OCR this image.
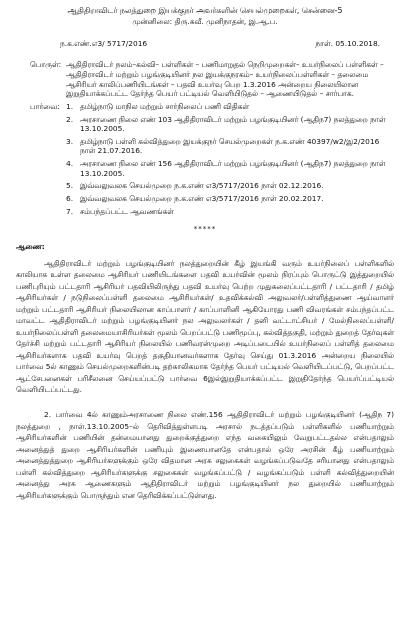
ஆதிதிராவிடர் நலத்துறை இயக்குநர் அவர்களின் செயல்முறைகள், சென்னை-5

முன்னிலை: திரு.கவீ. முனிநாதன், இ.ஆ.ப.

ந.க.எண்.எ3/ 5717/2016	நாள். 05.10.2018.
பொருள்: ஆதிதிராவிடர் நலம்–கல்வி– பள்ளிகள் – பணிமாறுதல் நெறிமுறைகள்– உயர்நிலைப் பள்ளிகள் – ஆதிதிராவிடர் மற்றும் பழங்குடியினர் நல இயக்குநரகம்– உயர்நிலைப்பள்ளிகள் – தலைமை ஆசிரியர் காலிப்பணியிடங்கள் – பதவி உயர்வு பெற 1.3.2016 அன்றைய நிலையிலான இறுதியாக்கப்பட்ட தேர்ந்த பெயர் பட்டியல் வெளியிடுதல் – ஆணையிடுதல் – சார்பாக.
பார்வை: 1. தமிழ்நாடு மாநில மற்றும் சார்நிலைப் பணி விதிகள்
2. அரசாணை நிலை எண் 103 ஆதிதிராவிடர் மற்றும் பழங்குடியினர் (ஆதிந7) நலத்துறை நாள் 13.10.2005.
3. தமிழ்நாடு பள்ளி கல்வித்துறை இயக்குநர் செயல்முறைகள் ந.க.எண் 40397/w2/இ2/2016 நாள் 21.07.2016.
4. அரசாணை நிலை எண் 156 ஆதிதிராவிடர் மற்றும் பழங்குடியினர் (ஆதிந7) நலத்துறை நாள் 13.10.2005.
5. இவ்வலுவலக செயல்முறை ந.க.எண் எ3/5717/2016 நாள் 02.12.2016.
6. இவ்வலுவலக செயல்முறை ந.க.எண் எ3/5717/2016 நாள் 20.02.2017.
7. சம்பந்தப்பட்ட ஆவணங்கள்
*****
ஆணை:

ஆதிதிராவிடர் மற்றும் பழங்குடியினர் நலத்துறையின் கீழ் இயங்கி வரும் உயர்நிலைப் பள்ளிகளில் காலியாக உள்ள தலைமை ஆசிரியர் பணியிடங்களை பதவி உயர்வின் மூலம் நிரப்பும் பொருட்டு இத்துறையில் பணிபுரியும் பட்டதாரி ஆசிரியர் பதவியிலிருந்து பதவி உயர்வு பெற்ற முதுகலைப்பட்டதாரி / பட்டதாரி / தமிழ் ஆசிரியர்கள் / நடுநிலைப்பள்ளி தலைமை ஆசிரியர்கள்/ உதவிக்கல்வி அலுவலர்/பள்ளித்துணை ஆய்வாளர் மற்றும் பட்டதாரி ஆசிரியர் நிலையிலான காப்பாளர் / காப்பாளினி ஆகியோரது பணி விவரங்கள் சம்பந்தப்பட்ட மாவட்ட ஆதிதிராவிடர் மற்றும் பழங்குடியினர் நல அலுவலர்கள் / தனி வட்டாட்சியர் / மேல்நிலைப்பள்ளி/உயர்நிலைப்பள்ளி தலைமையாசிரியர்கள் மூலம் பெறப்பட்டு பணிமூப்பு, கல்வித்தகுதி, மற்றும் துறைத் தேர்வுகள் தேர்ச்சி மற்றும் பட்டதாரி ஆசிரியர் நிலையில் பணிவரன்முறை அடிப்படையில் உயர்நிலைப் பள்ளித் தலைமை ஆசிரியர்களாக பதவி உயர்வு பெறத் தகுதியானவர்களாக தேர்வு செய்து 01.3.2016 அன்றைய நிலையில் பார்வை 5ல் காணும் செயல்முறைகளின்படி தற்காலிகமாக தேர்ந்த பெயர் பட்டியல் வெளியிடப்பட்டு, பெறப்பட்ட ஆட்சேபனைகள் பரிசீலனை செய்யப்பட்டு பார்வை 6இல்இறுதியாக்கப்பட்ட இறுதிதேர்ந்த பெயர்ப்பட்டியல் வெளியிடப்பட்டது.

2. பார்வை 4ல் காணும்அரசாணை நிலை எண்.156 ஆதிதிராவிடர் மற்றும் பழங்குடியினர் (ஆதிந 7) நலத்துறை , நாள்.13.10.2005–ல் தெரிவித்துள்ளபடி அரசால் நடத்தப்படும் பள்ளிகளில் பணியாற்றும் ஆசிரியர்களின் பணியின் தன்மையானது துறைக்குத்துறை எந்த வகையிலும் வேறுபட்டதல்ல என்பதாலும் அனைத்துத் துறை ஆசிரியர்களின் பணியும் இணையானதே என்பதால் ஒரே அரசின் கீழ் பணியாற்றும் அனைத்துத்துறை ஆசிரியர்களுக்கும் ஒரே விதமான அரசு சலுகைகள் வழங்கப்படுவதே சரியானது என்பதாலும் பள்ளி கல்வித்துறை ஆசிரியர்களுக்கு சலுகைகள் வழங்கப்பட்டு / வழங்கப்படும் பள்ளி கல்வித்துறையின் அனைத்து அரசு ஆணைகளும் ஆதிதிராவிடர் மற்றும் பழங்குடியினர் நல துறையில் பணியாற்றும் ஆசிரியர்களுக்கும் பொருந்தும் என தெரிவிக்கப்பட்டுள்ளது.
